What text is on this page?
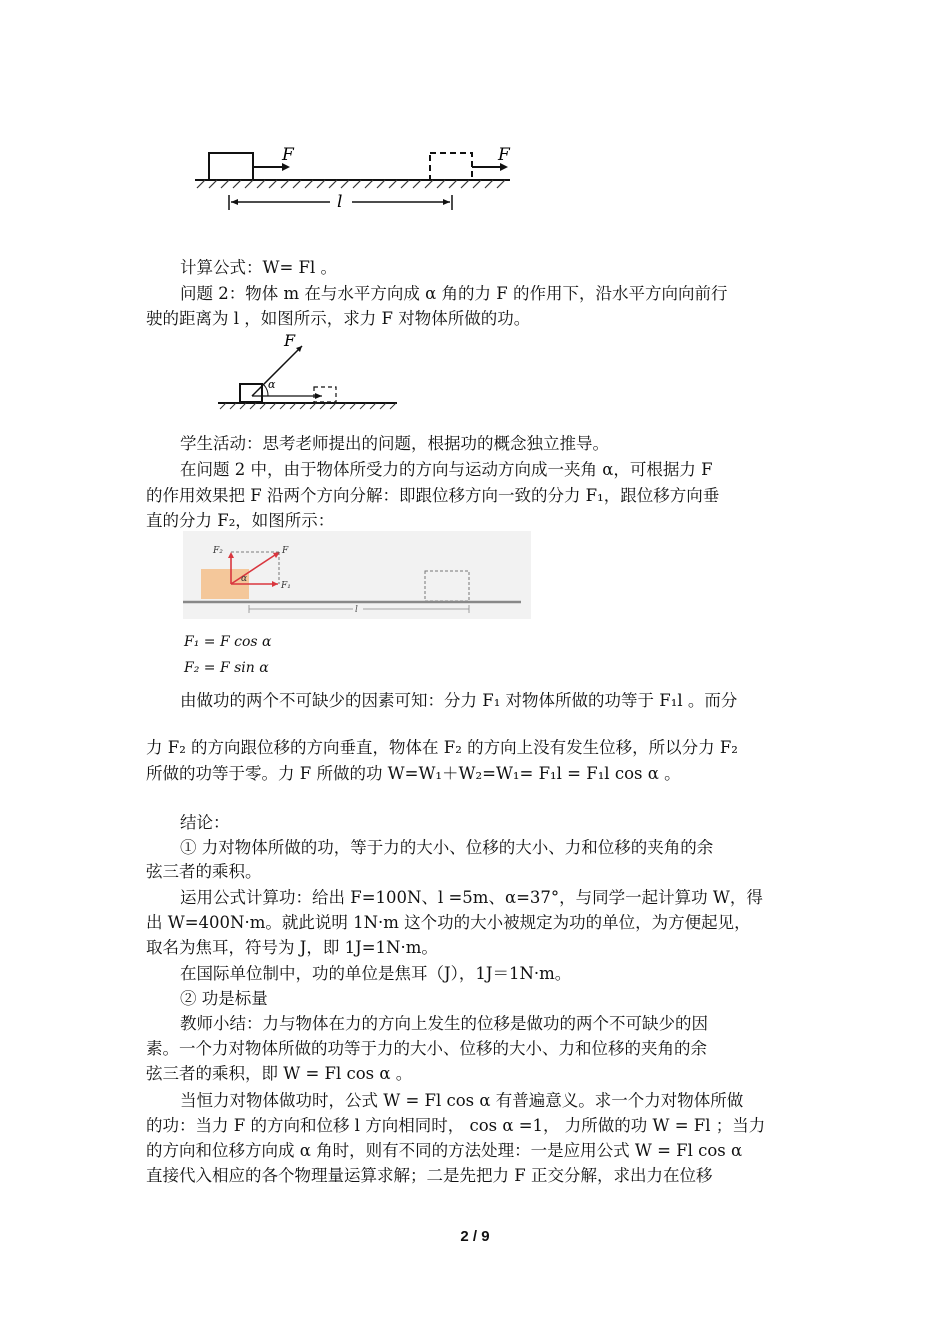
F	F
l
计算公式：W= Fl 。
问题 2：物体 m 在与水平方向成 α 角的力 F 的作用下，沿水平方向向前行
驶的距离为 l ，如图所示，求力 F 对物体所做的功。
F
α
学生活动：思考老师提出的问题，根据功的概念独立推导。
在问题 2 中，由于物体所受力的方向与运动方向成一夹角 α，可根据力 F
的作用效果把 F 沿两个方向分解：即跟位移方向一致的分力 F₁，跟位移方向垂
直的分力 F₂，如图所示：
F₂	F
α
F₁
l
F₁ = F cos α
F₂ = F sin α
由做功的两个不可缺少的因素可知：分力 F₁ 对物体所做的功等于 F₁l 。而分
力 F₂ 的方向跟位移的方向垂直，物体在 F₂ 的方向上没有发生位移，所以分力 F₂
所做的功等于零。力 F 所做的功 W=W₁＋W₂=W₁= F₁l = F₁l cos α 。
结论：
① 力对物体所做的功，等于力的大小、位移的大小、力和位移的夹角的余
弦三者的乘积。
运用公式计算功：给出 F=100N、l =5m、α=37°，与同学一起计算功 W，得
出 W=400N·m。就此说明 1N·m 这个功的大小被规定为功的单位，为方便起见，
取名为焦耳，符号为 J，即 1J=1N·m。
在国际单位制中，功的单位是焦耳（J），1J＝1N·m。
② 功是标量
教师小结：力与物体在力的方向上发生的位移是做功的两个不可缺少的因
素。一个力对物体所做的功等于力的大小、位移的大小、力和位移的夹角的余
弦三者的乘积，即 W = Fl cos α 。
当恒力对物体做功时，公式 W = Fl cos α 有普遍意义。求一个力对物体所做
的功：当力 F 的方向和位移 l 方向相同时， cos α =1， 力所做的功 W = Fl ；当力
的方向和位移方向成 α 角时，则有不同的方法处理：一是应用公式 W = Fl cos α
直接代入相应的各个物理量运算求解；二是先把力 F 正交分解，求出力在位移
2 / 9
